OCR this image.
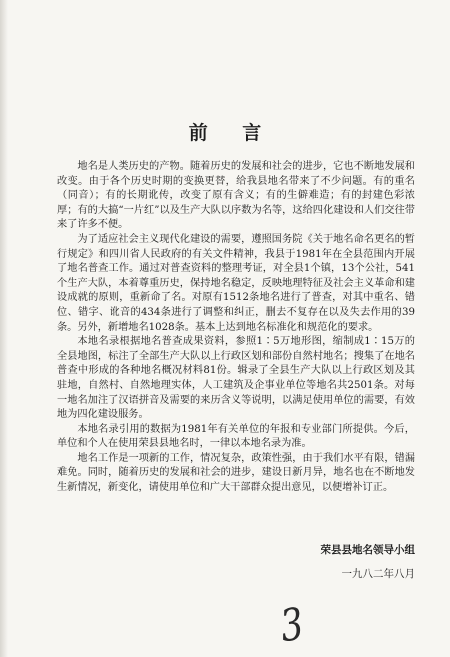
前 言

地名是人类历史的产物。随着历史的发展和社会的进步，它也不断地发展和改变。由于各个历史时期的变换更替，给我县地名带来了不少问题。有的重名（同音）；有的长期讹传，改变了原有含义；有的生僻难造；有的封建色彩浓厚；有的大搞“一片红”以及生产大队以序数为名等，这给四化建设和人们交往带来了许多不便。

为了适应社会主义现代化建设的需要，遵照国务院《关于地名命名更名的暂行规定》和四川省人民政府的有关文件精神，我县于1981年在全县范围内开展了地名普查工作。通过对普查资料的整理考证，对全县1个镇，13个公社，541个生产大队，本着尊重历史，保持地名稳定，反映地理特征及社会主义革命和建设成就的原则，重新命了名。对原有1512条地名进行了普查，对其中重名、错位、错字、讹音的434条进行了调整和纠正，删去不复存在以及失去作用的39条。另外，新增地名1028条。基本上达到地名标准化和规范化的要求。

本地名录根据地名普查成果资料，参照1∶5万地形图，缩制成1∶15万的全县地图，标注了全部生产大队以上行政区划和部份自然村地名；搜集了在地名普查中形成的各种地名概况材料81份。辑录了全县生产大队以上行政区划及其驻地，自然村、自然地理实体，人工建筑及企事业单位等地名共2501条。对每一地名加注了汉语拼音及需要的来历含义等说明，以满足使用单位的需要，有效地为四化建设服务。

本地名录引用的数据为1981年有关单位的年报和专业部门所提供。今后，单位和个人在使用荣县县地名时，一律以本地名录为准。

地名工作是一项新的工作，情况复杂，政策性强，由于我们水平有限，错漏难免。同时，随着历史的发展和社会的进步，建设日新月异，地名也在不断地发生新情况，新变化，请使用单位和广大干部群众提出意见，以便增补订正。

荣县县地名领导小组
一九八二年八月
3
